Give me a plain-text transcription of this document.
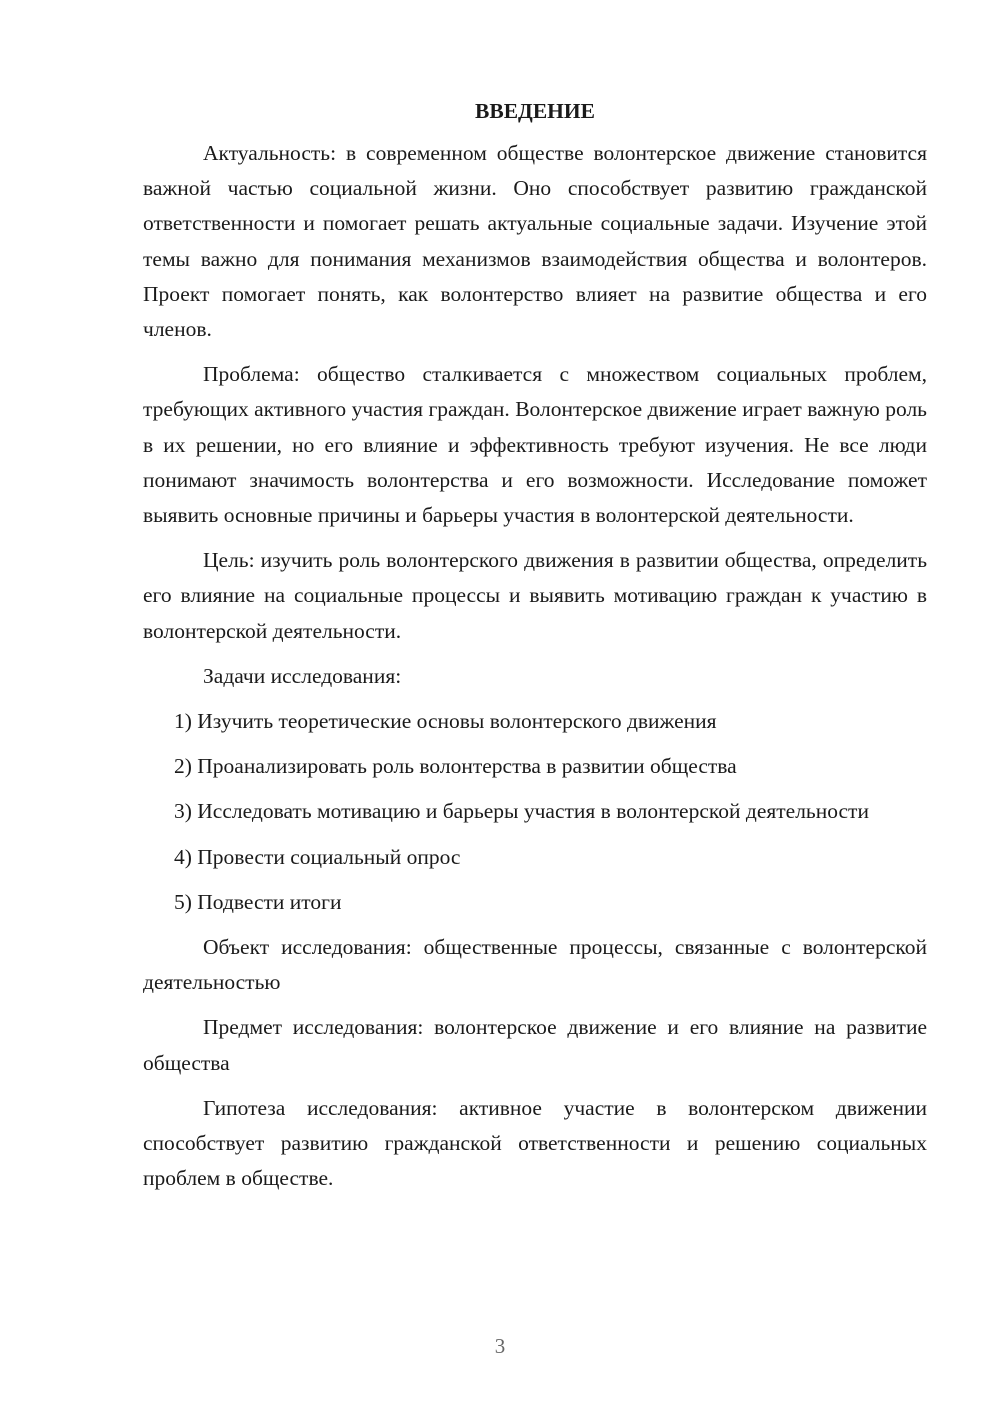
ВВЕДЕНИЕ

Актуальность: в современном обществе волонтерское движение становится важной частью социальной жизни. Оно способствует развитию гражданской ответственности и помогает решать актуальные социальные задачи. Изучение этой темы важно для понимания механизмов взаимодействия общества и волонтеров. Проект помогает понять, как волонтерство влияет на развитие общества и его членов.

Проблема: общество сталкивается с множеством социальных проблем, требующих активного участия граждан. Волонтерское движение играет важную роль в их решении, но его влияние и эффективность требуют изучения. Не все люди понимают значимость волонтерства и его возможности. Исследование поможет выявить основные причины и барьеры участия в волонтерской деятельности.

Цель: изучить роль волонтерского движения в развитии общества, определить его влияние на социальные процессы и выявить мотивацию граждан к участию в волонтерской деятельности.

Задачи исследования:

1) Изучить теоретические основы волонтерского движения

2) Проанализировать роль волонтерства в развитии общества

3) Исследовать мотивацию и барьеры участия в волонтерской деятельности

4) Провести социальный опрос

5) Подвести итоги

Объект исследования: общественные процессы, связанные с волонтерской деятельностью

Предмет исследования: волонтерское движение и его влияние на развитие общества

Гипотеза исследования: активное участие в волонтерском движении способствует развитию гражданской ответственности и решению социальных проблем в обществе.

3
